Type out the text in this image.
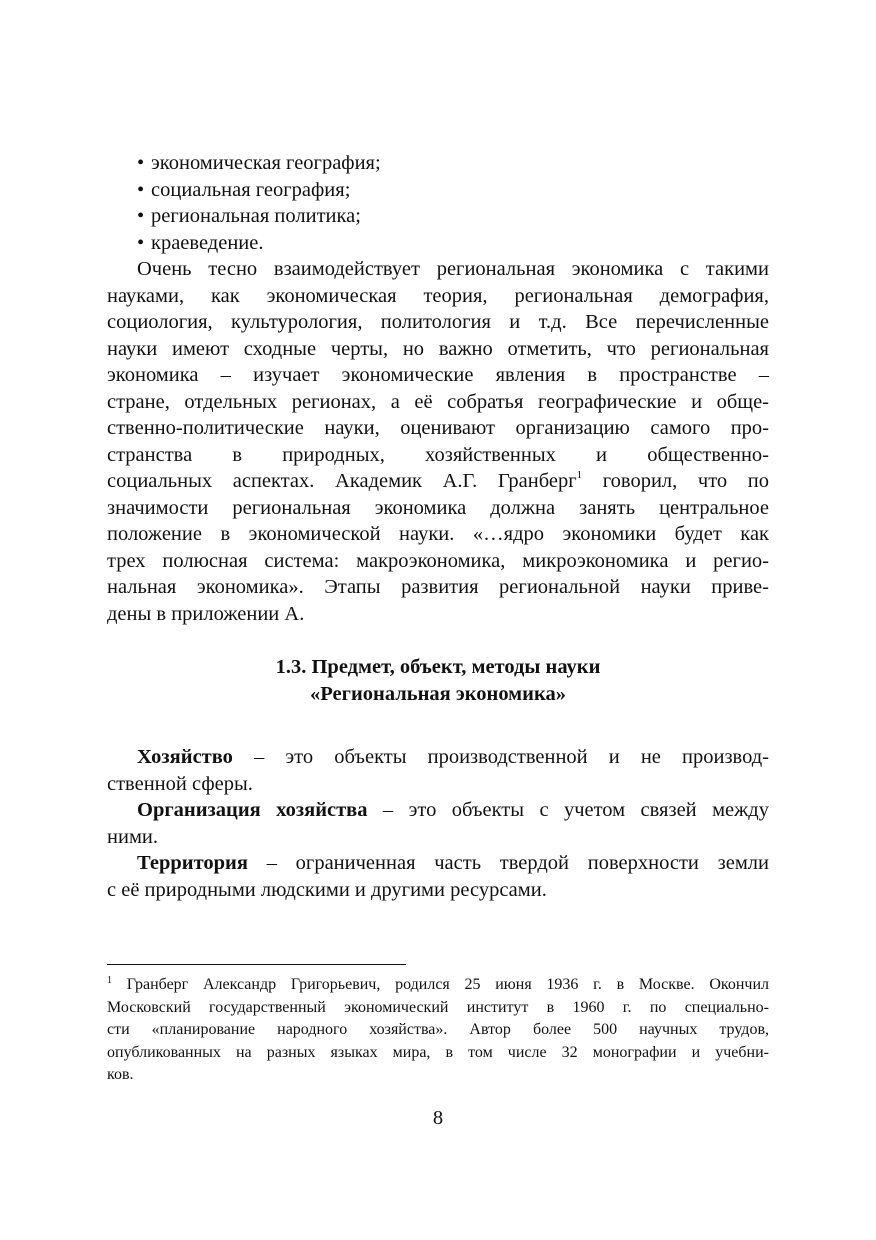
• экономическая география;
• социальная география;
• региональная политика;
• краеведение.

Очень тесно взаимодействует региональная экономика с такими
науками, как экономическая теория, региональная демография,
социология, культурология, политология и т.д. Все перечисленные
науки имеют сходные черты, но важно отметить, что региональная
экономика – изучает экономические явления в пространстве –
стране, отдельных регионах, а её собратья географические и обще-
ственно-политические науки, оценивают организацию самого про-
странства в природных, хозяйственных и общественно-
социальных аспектах. Академик А.Г. Гранберг$^1$ говорил, что по
значимости региональная экономика должна занять центральное
положение в экономической науки. «…ядро экономики будет как
трех полюсная система: макроэкономика, микроэкономика и регио-
нальная экономика». Этапы развития региональной науки приве-
дены в приложении А.

1.3. Предмет, объект, методы науки
«Региональная экономика»
Хозяйство – это объекты производственной и не производ-
ственной сферы.
Организация хозяйства – это объекты с учетом связей между
ними.
Территория – ограниченная часть твердой поверхности земли
с её природными людскими и другими ресурсами.
$^1$ Гранберг Александр Григорьевич, родился 25 июня 1936 г. в Москве. Окончил
Московский государственный экономический институт в 1960 г. по специально-
сти «планирование народного хозяйства». Автор более 500 научных трудов,
опубликованных на разных языках мира, в том числе 32 монографии и учебни-
ков.
8
